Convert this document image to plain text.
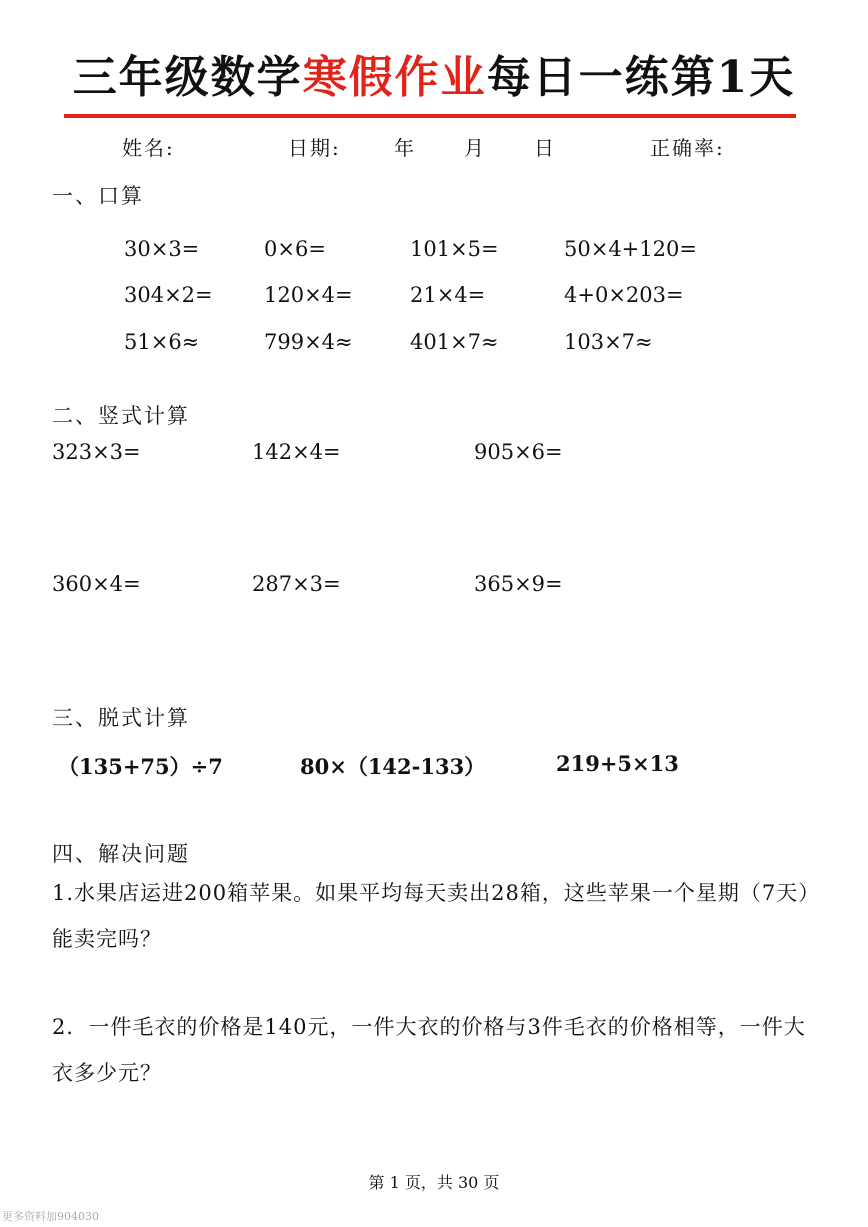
三年级数学寒假作业每日一练第1天
姓名:	日期:	年 月 日	正确率:
一、口算
30×3=	0×6=	101×5=	50×4+120=
304×2= 120×4=	21×4=	4+0×203=
51×6≈	799×4≈	401×7≈	103×7≈
二、竖式计算
323×3=	142×4=	905×6=
360×4=	287×3=	365×9=
三、脱式计算
（135+75）÷7	80×（142-133）	219+5×13
四、解决问题
1.水果店运进200箱苹果。如果平均每天卖出28箱，这些苹果一个星期（7天）能卖完吗？
2．一件毛衣的价格是140元，一件大衣的价格与3件毛衣的价格相等，一件大衣多少元？
第 1 页，共 30 页
更多资料加904030
